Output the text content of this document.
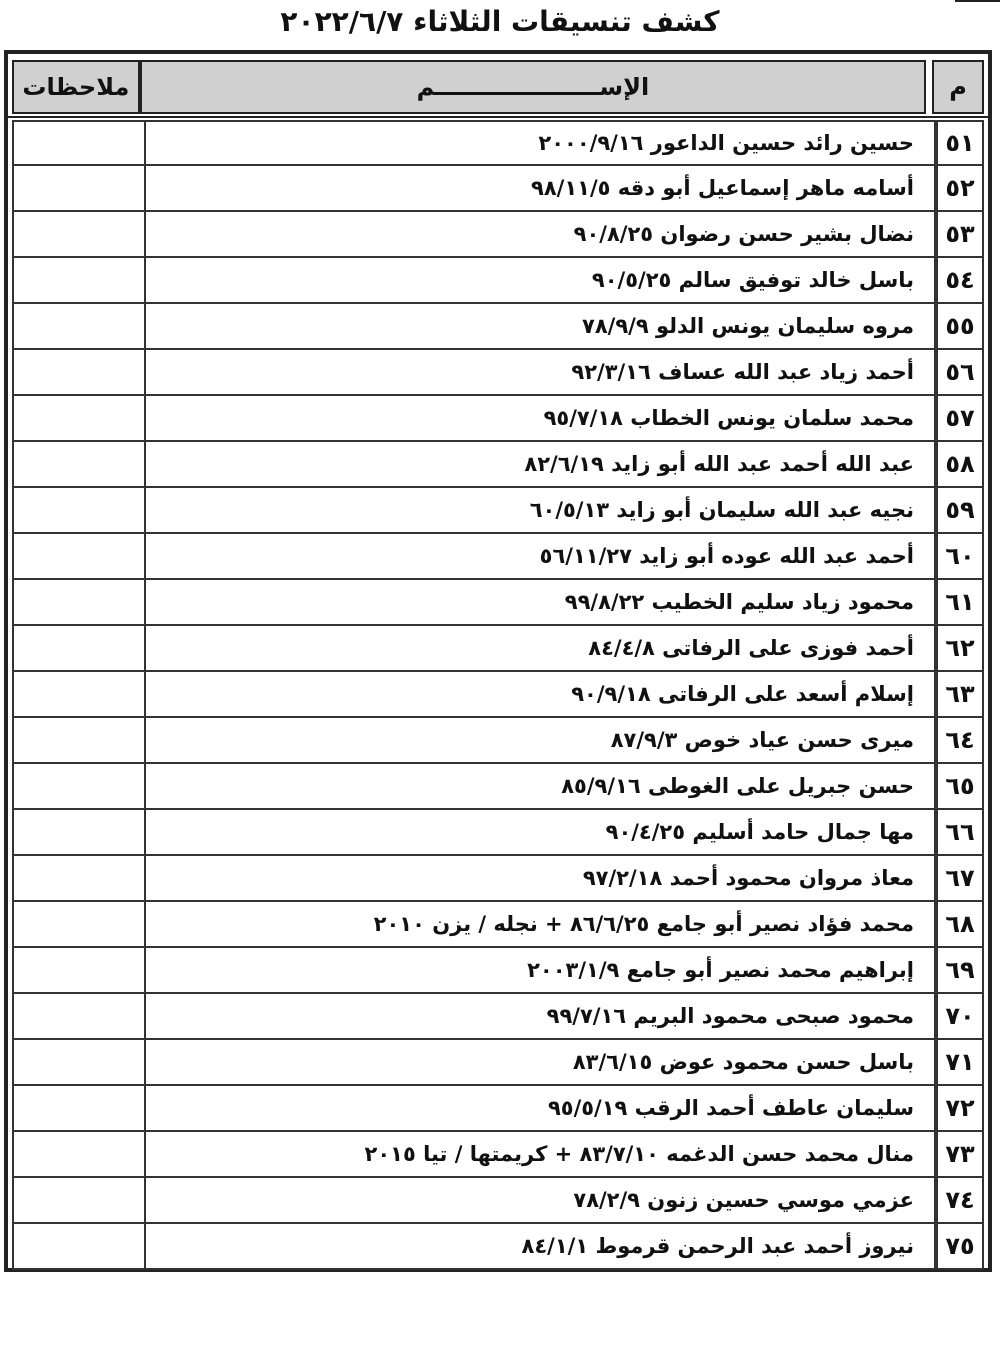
كشف تنسيقات الثلاثاء ٢٠٢٢/٦/٧
م
الإســــــــــــــــــــم
ملاحظات
٥١
حسين رائد حسين الداعور ٢٠٠٠/٩/١٦
٥٢
أسامه ماهر إسماعيل أبو دقه ٩٨/١١/٥
٥٣
نضال بشير حسن رضوان ٩٠/٨/٢٥
٥٤
باسل خالد توفيق سالم ٩٠/٥/٢٥
٥٥
مروه سليمان يونس الدلو ٧٨/٩/٩
٥٦
أحمد زياد عبد الله عساف ٩٢/٣/١٦
٥٧
محمد سلمان يونس الخطاب ٩٥/٧/١٨
٥٨
عبد الله أحمد عبد الله أبو زايد ٨٢/٦/١٩
٥٩
نجيه عبد الله سليمان أبو زايد ٦٠/٥/١٣
٦٠
أحمد عبد الله عوده أبو زايد ٥٦/١١/٢٧
٦١
محمود زياد سليم الخطيب ٩٩/٨/٢٢
٦٢
أحمد فوزى على الرفاتى ٨٤/٤/٨
٦٣
إسلام أسعد على الرفاتى ٩٠/٩/١٨
٦٤
ميرى حسن عياد خوص ٨٧/٩/٣
٦٥
حسن جبريل على الغوطى ٨٥/٩/١٦
٦٦
مها جمال حامد أسليم ٩٠/٤/٢٥
٦٧
معاذ مروان محمود أحمد ٩٧/٢/١٨
٦٨
محمد فؤاد نصير أبو جامع ٨٦/٦/٢٥ + نجله / يزن ٢٠١٠
٦٩
إبراهيم محمد نصير أبو جامع ٢٠٠٣/١/٩
٧٠
محمود صبحى محمود البريم ٩٩/٧/١٦
٧١
باسل حسن محمود عوض ٨٣/٦/١٥
٧٢
سليمان عاطف أحمد الرقب ٩٥/٥/١٩
٧٣
منال محمد حسن الدغمه ٨٣/٧/١٠ + كريمتها / تيا ٢٠١٥
٧٤
عزمي موسي حسين زنون ٧٨/٢/٩
٧٥
نيروز أحمد عبد الرحمن قرموط ٨٤/١/١
